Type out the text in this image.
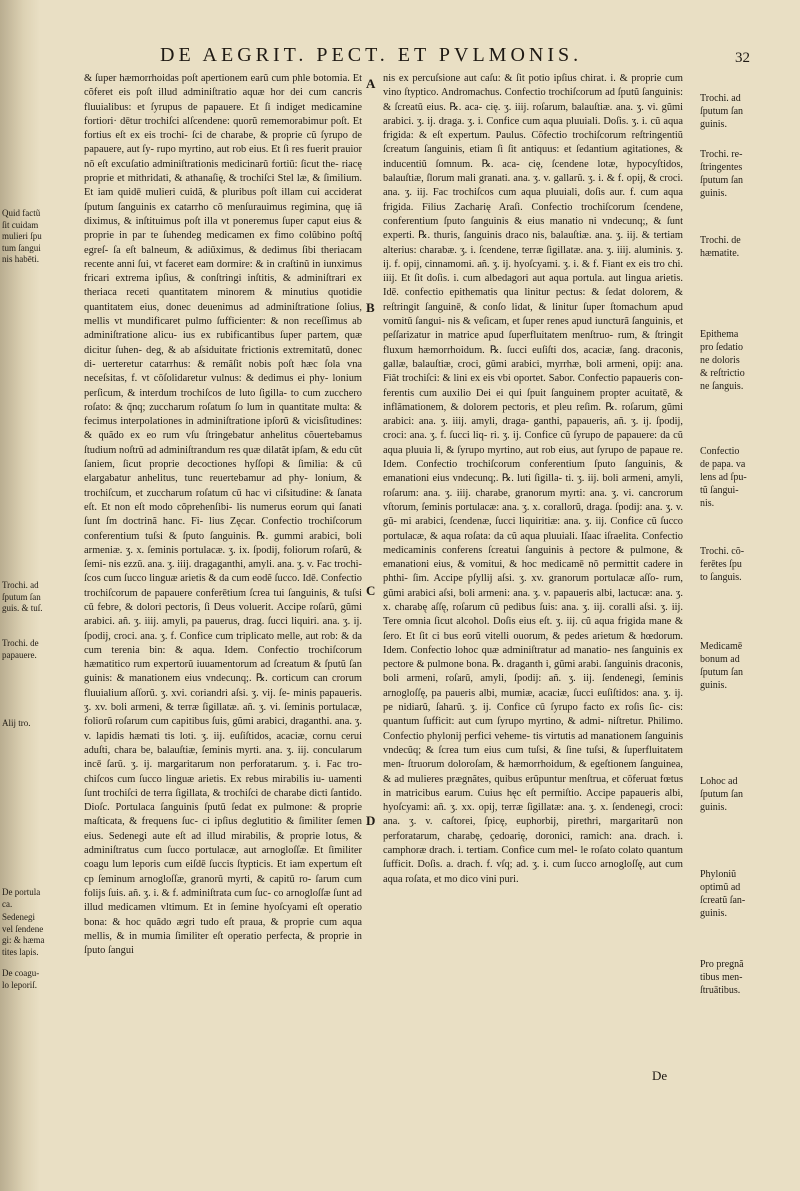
DE AEGRIT. PECT. ET PVLMONIS.	32

& ſuper hæmorrhoidas poſt apertionem earũ cum phle botomia. Et cõferet eis poſt illud adminiſtratio aquæ hor dei cum cancris fluuialibus: et ſyrupus de papauere. Et ſi indiget medicamine fortiori· dētur trochiſci alſcendene: quorũ rememorabimur poſt. Et fortius eſt ex eis trochi- ſci de charabe, & proprie cũ ſyrupo de papauere, aut ſy- rupo myrtino, aut rob eius. Et ſi res fuerit prauior nõ eſt excuſatio adminiſtrationis medicinarũ fortiũ: ſicut the- riacę proprie et mithridati, & athanaſię, & trochiſci Stel læ, & ſimilium. Et iam quidē mulieri cuidã, & pluribus poſt illam cui acciderat ſputum ſanguinis ex catarrho cõ menſurauimus regimina, quę iã diximus, & inſtituimus poſt illa vt poneremus ſuper caput eius & proprie in par te ſuhendeg medicamen ex fimo colũbino poſtq̃ egreſ- ſa eſt balneum, & adiũximus, & dedimus ſibi theriacam recente anni ſui, vt faceret eam dormire: & in craſtinũ in iunximus fricari extrema ipſius, & conſtringi inſtitis, & adminiſtrari ex theriaca receti quantitatem minorem & minutius quotidie quantitatem eius, donec deuenimus ad adminiſtratione ſolius, mellis vt mundificaret pulmo ſufficienter: & non receſſimus ab adminiſtratione alicu- ius ex rubificantibus ſuper partem, quæ dicitur ſuhen- deg, & ab aſsiduitate frictionis extremitatũ, donec di- uerteretur catarrhus: & remãſit nobis poſt hæc ſola vna neceſsitas, f. vt cõſolidaretur vulnus: & dedimus ei phy- lonium perſicum, & interdum trochiſcos de luto ſigilla- to cum zucchero roſato: & q̃nq; zuccharum roſatum ſo lum in quantitate multa: & fecimus interpolationes in adminiſtratione ipſorũ & vicisſitudines: & quãdo ex eo rum vſu ſtringebatur anhelitus cõuertebamus ſtudium noſtrũ ad adminiſtrandum res quæ dilatãt ipſam, & edu cũt ſaniem, ſicut proprie decoctiones hyſſopi & ſimilia: & cũ elargabatur anhelitus, tunc reuertebamur ad phy- lonium, & trochiſcum, et zuccharum roſatum cũ hac vi ciſsitudine: & ſanata eſt. Et non eſt modo cõprehenſibi- lis numerus eorum qui ſanati ſunt ſm doctrinã hanc. Fi- lius Zęcar. Confectio trochiſcorum conferentium tuſsi & ſputo ſanguinis. ℞. gummi arabici, boli armeniæ. ʒ. x. ſeminis portulacæ. ʒ. ix. ſpodij, foliorum roſarũ, & ſemi- nis ezzũ. ana. ʒ. iiij. dragaganthi, amyli. ana. ʒ. v. Fac trochi- ſcos cum ſucco linguæ arietis & da cum eodẽ ſucco. Idē. Confectio trochiſcorum de papauere conferētium ſcrea tui ſanguinis, & tuſsi cũ febre, & dolori pectoris, ſi Deus voluerit. Accipe roſarũ, gũmi arabici. añ. ʒ. iiij. amyli, pa pauerus, drag. ſucci liquiri. ana. ʒ. ij. ſpodij, croci. ana. ʒ. f. Confice cum triplicato melle, aut rob: & da cum terenia bin: & aqua. Idem. Confectio trochiſcorum hæmatitico rum expertorũ iuuamentorum ad ſcreatum & ſputũ ſan guinis: & manationem eius vndecunq;. ℞. corticum can crorum fluuialium aſſorũ. ʒ. xvi. coriandri aſsi. ʒ. vij. ſe- minis papaueris. ʒ. xv. boli armeni, & terræ ſigillatæ. añ. ʒ. vi. ſeminis portulacæ, foliorũ roſarum cum capitibus ſuis, gũmi arabici, draganthi. ana. ʒ. v. lapidis hæmati tis loti. ʒ. iij. euſiſtidos, acaciæ, cornu cerui aduſti, chara be, balauſtiæ, ſeminis myrti. ana. ʒ. iij. concularum incē ſarũ. ʒ. ij. margaritarum non perforatarum. ʒ. i. Fac tro- chiſcos cum ſucco linguæ arietis. Ex rebus mirabilis iu- uamenti ſunt trochiſci de terra ſigillata, & trochiſci de charabe dicti ſantido. Dioſc. Portulaca ſanguinis ſputũ ſedat ex pulmone: & proprie maſticata, & frequens ſuc- ci ipſius deglutitio & ſimiliter ſemen eius. Sedenegi aute eſt ad illud mirabilis, & proprie lotus, & adminiſtratus cum ſucco portulacæ, aut arnogloſſæ. Et ſimiliter coagu lum leporis cum eiſdē ſuccis ſtypticis. Et iam expertum eſt cp ſeminum arnogloſſæ, granorũ myrti, & capitũ ro- ſarum cum folijs ſuis. añ. ʒ. i. & f. adminiſtrata cum ſuc- co arnogloſſæ ſunt ad illud medicamen vltimum. Et in ſemine hyoſcyami eſt operatio bona: & hoc quãdo ægri tudo eſt praua, & proprie cum aqua mellis, & in mumia ſimiliter eſt operatio perfecta, & proprie in ſputo ſangui

nis ex percuſsione aut caſu: & ſit potio ipſius chirat. i. & proprie cum vino ſtyptico. Andromachus. Confectio trochiſcorum ad ſputũ ſanguinis: & ſcreatũ eius. ℞. aca- cię. ʒ. iiij. roſarum, balauſtiæ. ana. ʒ. vi. gũmi arabici. ʒ. ij. draga. ʒ. i. Confice cum aqua pluuiali. Doſis. ʒ. i. cũ aqua frigida: & eſt expertum. Paulus. Cõfectio trochiſcorum reſtringentiũ ſcreatum ſanguinis, etiam ſi ſit antiquus: et ſedantium agitationes, & inducentiũ ſomnum. ℞. aca- cię, ſcendene lotæ, hypocyſtidos, balauſtiæ, ſlorum mali granati. ana. ʒ. v. gallarũ. ʒ. i. & f. opij, & croci. ana. ʒ. iij. Fac trochiſcos cum aqua pluuiali, doſis aur. f. cum aqua frigida. Filius Zacharię Araſi. Confectio trochiſcorum ſcendene, conferentium ſputo ſanguinis & eius manatio ni vndecunq;, & ſunt experti. ℞. thuris, ſanguinis draco nis, balauſtiæ. ana. ʒ. iij. & tertiam alterius: charabæ. ʒ. i. ſcendene, terræ ſigillatæ. ana. ʒ. iiij. aluminis. ʒ. ij. f. opij, cinnamomi. añ. ʒ. ij. hyoſcyami. ʒ. i. & f. Fiant ex eis tro chi. iiij. Et ſit doſis. i. cum albedagori aut aqua portula. aut lingua arietis. Idē. confectio epithematis qua linitur pectus: & ſedat dolorem, & reſtringit ſanguinē, & conſo lidat, & linitur ſuper ſtomachum apud vomitũ ſangui- nis & veſicam, et ſuper renes apud iuncturã ſanguinis, et peſſarizatur in matrice apud ſuperfluitatem menſtruo- rum, & ſtringit fluxum hæmorrhoidum. ℞. ſucci euſiſti dos, acaciæ, ſang. draconis, gallæ, balauſtiæ, croci, gũmi arabici, myrrhæ, boli armeni, opij: ana. Fiãt trochiſci: & lini ex eis vbi oportet. Sabor. Confectio papaueris con- ferentis cum auxilio Dei ei qui ſpuit ſanguinem propter acuitatē, & inflãmationem, & dolorem pectoris, et pleu reſim. ℞. roſarum, gũmi arabici: ana. ʒ. iiij. amyli, draga- ganthi, papaueris, añ. ʒ. ij. ſpodij, croci: ana. ʒ. f. ſucci liq- ri. ʒ. ij. Confice cũ ſyrupo de papauere: da cũ aqua pluuia li, & ſyrupo myrtino, aut rob eius, aut ſyrupo de papaue re. Idem. Confectio trochiſcorum conferentium ſputo ſanguinis, & emanationi eius vndecunq;. ℞. luti ſigilla- ti. ʒ. iij. boli armeni, amyli, roſarum: ana. ʒ. iiij. charabe, granorum myrti: ana. ʒ. vi. cancrorum vſtorum, ſeminis portulacæ: ana. ʒ. x. corallorũ, draga. ſpodij: ana. ʒ. v. gũ- mi arabici, ſcendenæ, ſucci liquiritiæ: ana. ʒ. iij. Confice cũ ſucco portulacæ, & aqua roſata: da cũ aqua pluuiali. Iſaac iſraelita. Confectio medicaminis conferens ſcreatui ſanguinis à pectore & pulmone, & emanationi eius, & vomitui, & hoc medicamē nõ permittit cadere in phthi- ſim. Accipe pſyllij aſsi. ʒ. xv. granorum portulacæ aſſo- rum, gũmi arabici aſsi, boli armeni: ana. ʒ. v. papaueris albi, lactucæ: ana. ʒ. x. charabę aſſę, roſarum cũ pedibus ſuis: ana. ʒ. iij. coralli aſsi. ʒ. iij. Tere omnia ſicut alcohol. Doſis eius eſt. ʒ. iij. cũ aqua frigida mane & ſero. Et ſit ci bus eorũ vitelli ouorum, & pedes arietum & hœdorum. Idem. Confectio lohoc quæ adminiſtratur ad manatio- nes ſanguinis ex pectore & pulmone bona. ℞. draganth i, gũmi arabi. ſanguinis draconis, boli armeni, roſarũ, amyli, ſpodij: añ. ʒ. iij. ſendenegi, ſeminis arnogloſſę, pa paueris albi, mumiæ, acaciæ, ſucci euſiſtidos: ana. ʒ. ij. pe nidiarũ, ſaharũ. ʒ. ij. Confice cũ ſyrupo facto ex roſis ſic- cis: quantum ſufficit: aut cum ſyrupo myrtino, & admi- niſtretur. Philimo. Confectio phylonij perfici veheme- tis virtutis ad manationem ſanguinis vndecũq; & ſcrea tum eius cum tuſsi, & ſine tuſsi, & ſuperfluitatem men- ſtruorum doloroſam, & hæmorrhoidum, & egeſtionem ſanguinea, & ad mulieres prægnãtes, quibus erũpuntur menſtrua, et cõferuat fœtus in matricibus earum. Cuius hęc eſt permiſtio. Accipe papaueris albi, hyoſcyami: añ. ʒ. xx. opij, terræ ſigillatæ: ana. ʒ. x. ſendenegi, croci: ana. ʒ. v. caſtorei, ſpicę, euphorbij, pirethri, margaritarũ non perforatarum, charabę, çedoarię, doronici, ramich: ana. drach. i. camphoræ drach. i. tertiam. Confice cum mel- le roſato colato quantum ſufficit. Doſis. a. drach. f. vſq; ad. ʒ. i. cum ſucco arnogloſſę, aut cum aqua roſata, et mo dico vini puri.

A
B
C
D
Trochi. ad
ſputum ſan
guinis.
Trochi. re-
ſtringentes
ſputum ſan
guinis.
Trochi. de
hæmatite.
Epithema
pro ſedatio
ne doloris
& reſtrictio
ne ſanguis.
Confectio
de papa. va
lens ad ſpu-
tũ ſangui-
nis.
Trochi. cõ-
ferētes ſpu
to ſanguis.
Medicamē
bonum ad
ſputum ſan
guinis.
Lohoc ad
ſputum ſan
guinis.
Phyloniũ
optimũ ad
ſcreatũ ſan-
guinis.
Pro pregnã
tibus men-
ſtruātibus.
Quid factũ
ſit cuidam
mulieri ſpu
tum ſangui
nis habēti.
Trochi. ad
ſputum ſan
guis. & tuſ.
Trochi. de
papauere.
Alij tro.
De portula
ca.
Sedenegi
vel ſendene
gi: & hæma
tites lapis.
De coagu-
lo leporiſ.
De
